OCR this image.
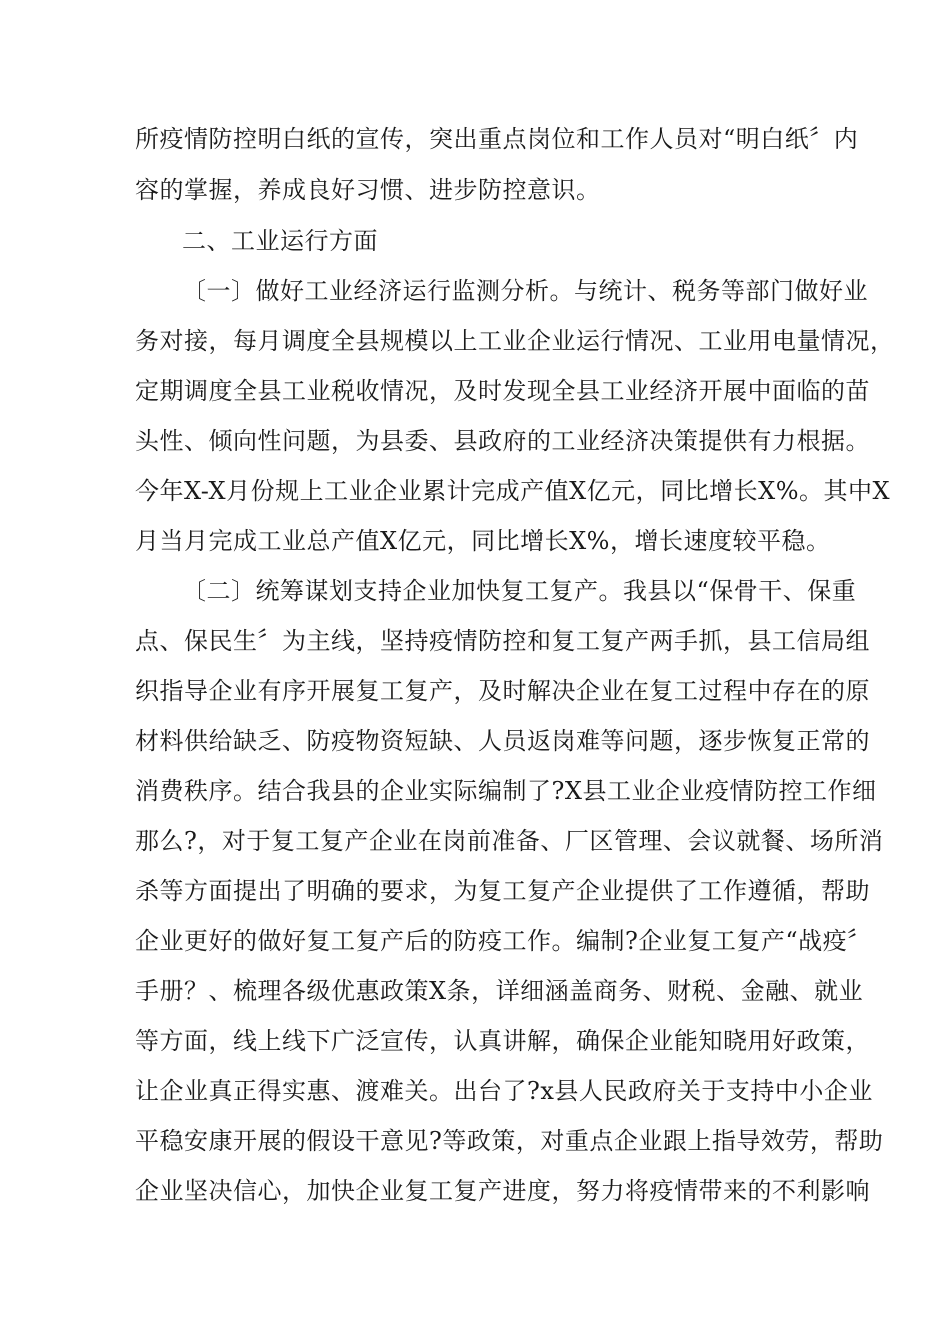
所疫情防控明白纸的宣传，突出重点岗位和工作人员对“明白纸〞内
容的掌握，养成良好习惯、进步防控意识。
二、工业运行方面
〔一〕做好工业经济运行监测分析。与统计、税务等部门做好业
务对接，每月调度全县规模以上工业企业运行情况、工业用电量情况，
定期调度全县工业税收情况，及时发现全县工业经济开展中面临的苗
头性、倾向性问题，为县委、县政府的工业经济决策提供有力根据。
今年X-X月份规上工业企业累计完成产值X亿元，同比增长X%。其中X
月当月完成工业总产值X亿元，同比增长X%，增长速度较平稳。
〔二〕统筹谋划支持企业加快复工复产。我县以“保骨干、保重
点、保民生〞为主线，坚持疫情防控和复工复产两手抓，县工信局组
织指导企业有序开展复工复产，及时解决企业在复工过程中存在的原
材料供给缺乏、防疫物资短缺、人员返岗难等问题，逐步恢复正常的
消费秩序。结合我县的企业实际编制了?X县工业企业疫情防控工作细
那么?，对于复工复产企业在岗前准备、厂区管理、会议就餐、场所消
杀等方面提出了明确的要求，为复工复产企业提供了工作遵循，帮助
企业更好的做好复工复产后的防疫工作。编制?企业复工复产“战疫〞
手册？、梳理各级优惠政策X条，详细涵盖商务、财税、金融、就业
等方面，线上线下广泛宣传，认真讲解，确保企业能知晓用好政策，
让企业真正得实惠、渡难关。出台了?x县人民政府关于支持中小企业
平稳安康开展的假设干意见?等政策，对重点企业跟上指导效劳，帮助
企业坚决信心，加快企业复工复产进度，努力将疫情带来的不利影响
